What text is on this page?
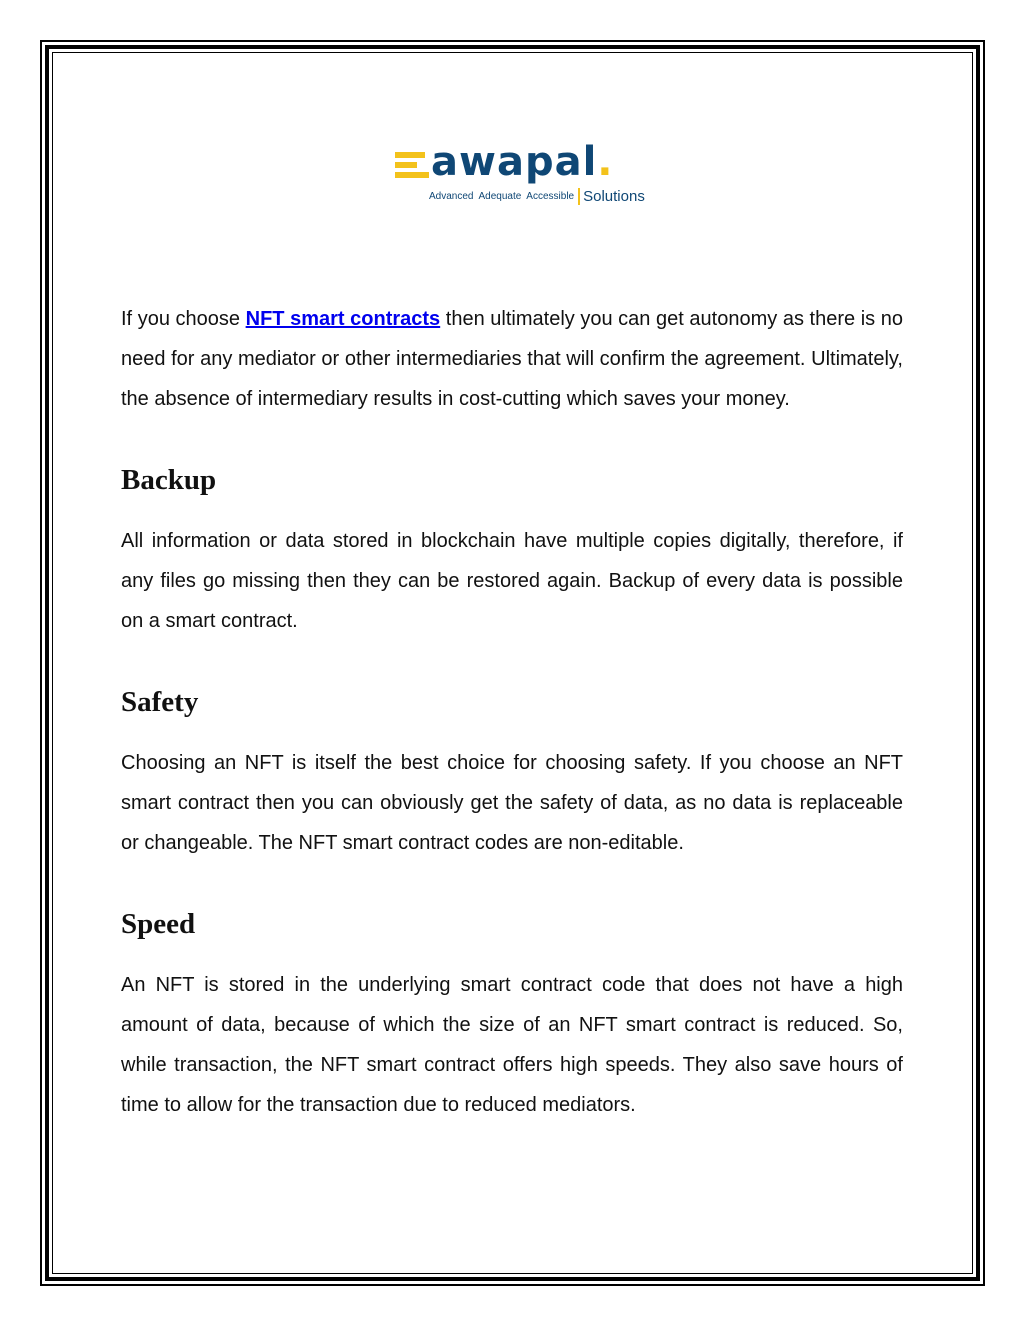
awapal.
Advanced  Adequate  Accessible Solutions

If you choose NFT smart contracts then ultimately you can get autonomy as there is no need for any mediator or other intermediaries that will confirm the agreement. Ultimately, the absence of intermediary results in cost-cutting which saves your money.

Backup

All information or data stored in blockchain have multiple copies digitally, therefore, if any files go missing then they can be restored again. Backup of every data is possible on a smart contract.

Safety

Choosing an NFT is itself the best choice for choosing safety. If you choose an NFT smart contract then you can obviously get the safety of data, as no data is replaceable or changeable. The NFT smart contract codes are non-editable.

Speed

An NFT is stored in the underlying smart contract code that does not have a high amount of data, because of which the size of an NFT smart contract is reduced. So, while transaction, the NFT smart contract offers high speeds. They also save hours of time to allow for the transaction due to reduced mediators.
